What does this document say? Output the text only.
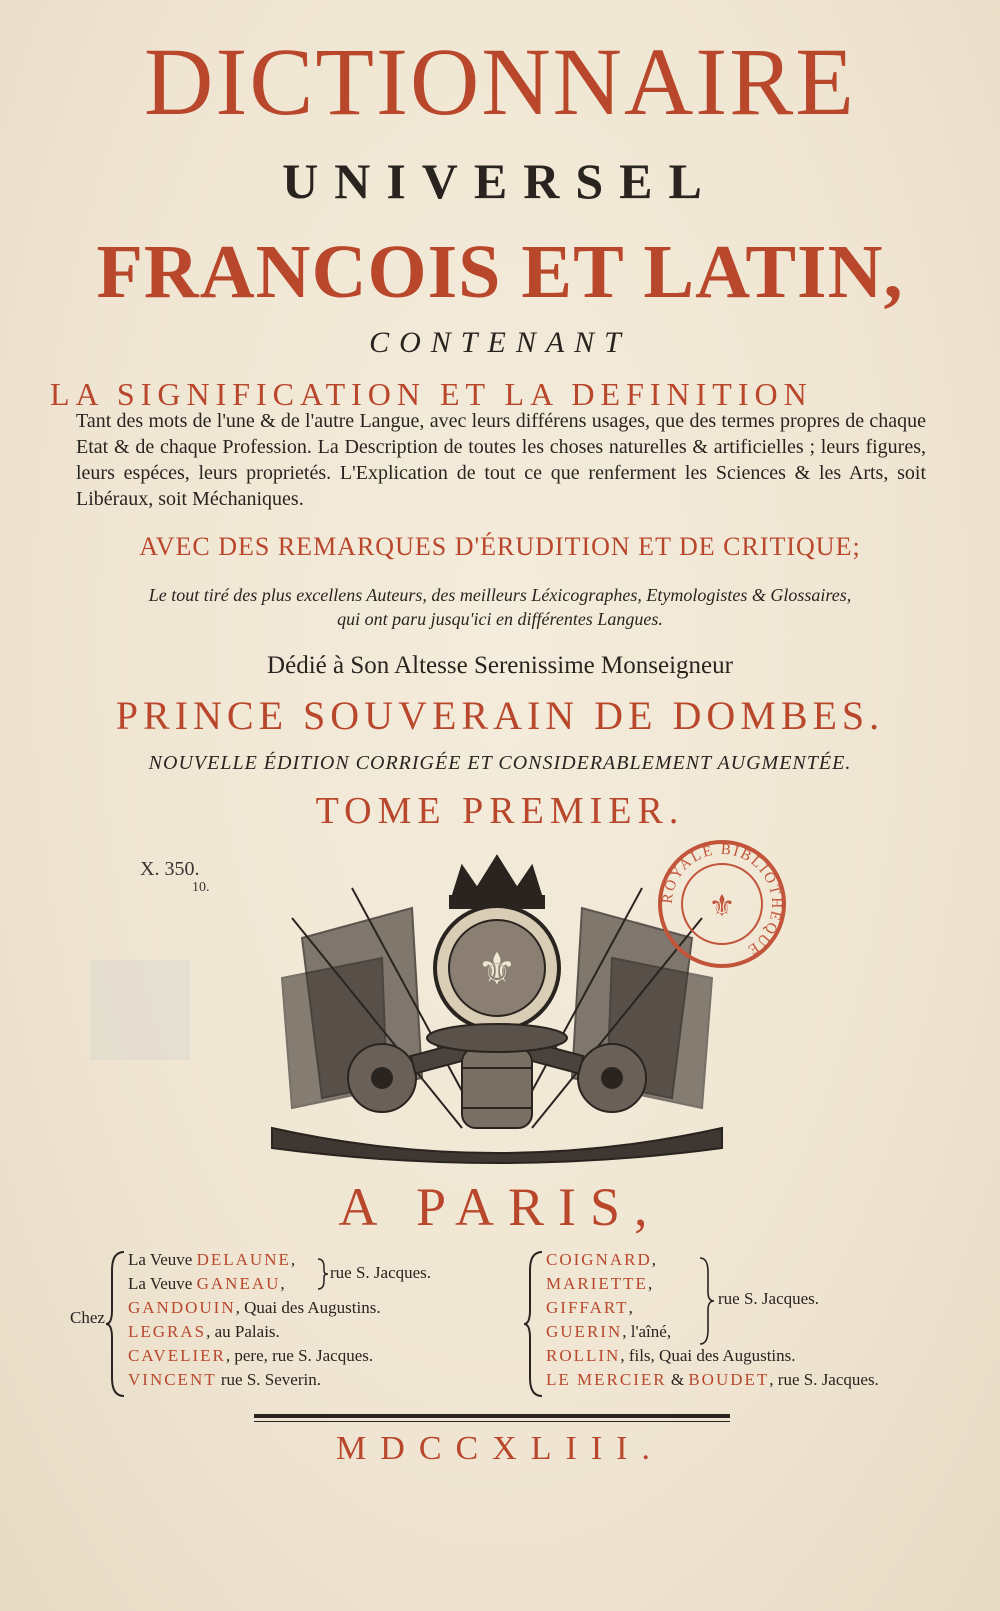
DICTIONNAIRE
UNIVERSEL
FRANCOIS ET LATIN,
CONTENANT
LA SIGNIFICATION ET LA DEFINITION
Tant des mots de l'une & de l'autre Langue, avec leurs différens usages, que des termes propres de chaque Etat & de chaque Profession. La Description de toutes les choses naturelles & artificielles ; leurs figures, leurs espéces, leurs proprietés. L'Explication de tout ce que renferment les Sciences & les Arts, soit Libéraux, soit Méchaniques.
AVEC DES REMARQUES D'ÉRUDITION ET DE CRITIQUE;
Le tout tiré des plus excellens Auteurs, des meilleurs Léxicographes, Etymologistes & Glossaires,
qui ont paru jusqu'ici en différentes Langues.
Dédié à Son Altesse Serenissime Monseigneur
PRINCE SOUVERAIN DE DOMBES.
NOUVELLE ÉDITION CORRIGÉE ET CONSIDERABLEMENT AUGMENTÉE.
TOME PREMIER.
X. 350.
10.
⚜
ROYALE BIBLIOTHEQUE
⚜
A PARIS,
Chez
La Veuve DELAUNE,
La Veuve GANEAU,
GANDOUIN, Quai des Augustins.
LEGRAS, au Palais.
CAVELIER, pere, rue S. Jacques.
VINCENT rue S. Severin.
rue S. Jacques.
COIGNARD,
MARIETTE,
GIFFART,
GUERIN, l'aîné,
ROLLIN, fils, Quai des Augustins.
LE MERCIER & BOUDET, rue S. Jacques.
rue S. Jacques.
MDCCXLIII.
